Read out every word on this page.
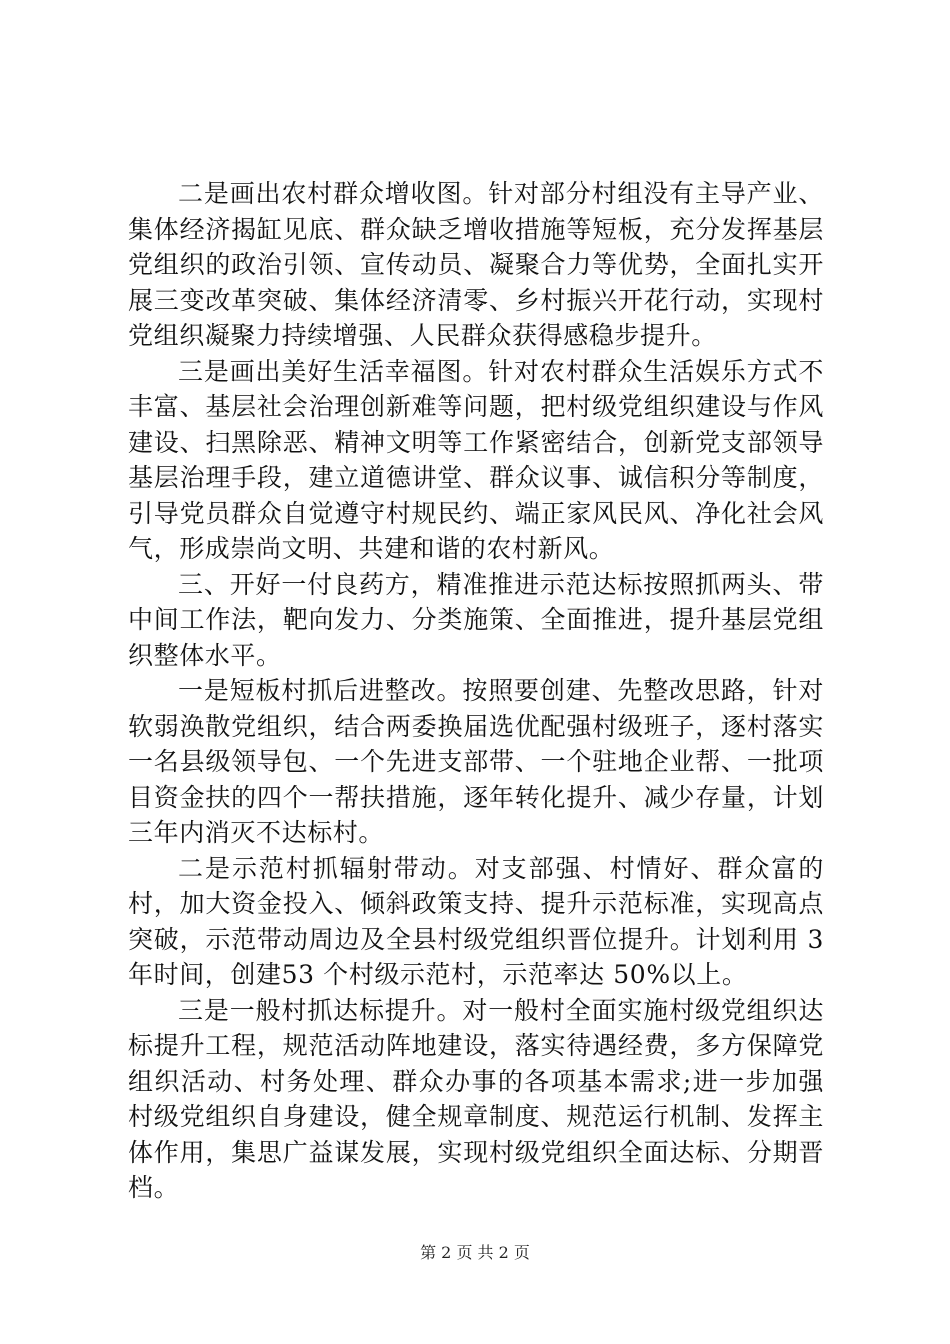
二是画出农村群众增收图。针对部分村组没有主导产业、集体经济揭缸见底、群众缺乏增收措施等短板，充分发挥基层党组织的政治引领、宣传动员、凝聚合力等优势，全面扎实开展三变改革突破、集体经济清零、乡村振兴开花行动，实现村党组织凝聚力持续增强、人民群众获得感稳步提升。

三是画出美好生活幸福图。针对农村群众生活娱乐方式不丰富、基层社会治理创新难等问题，把村级党组织建设与作风建设、扫黑除恶、精神文明等工作紧密结合，创新党支部领导基层治理手段，建立道德讲堂、群众议事、诚信积分等制度，引导党员群众自觉遵守村规民约、端正家风民风、净化社会风气，形成崇尚文明、共建和谐的农村新风。

三、开好一付良药方，精准推进示范达标按照抓两头、带中间工作法，靶向发力、分类施策、全面推进，提升基层党组织整体水平。

一是短板村抓后进整改。按照要创建、先整改思路，针对软弱涣散党组织，结合两委换届选优配强村级班子，逐村落实一名县级领导包、一个先进支部带、一个驻地企业帮、一批项目资金扶的四个一帮扶措施，逐年转化提升、减少存量，计划三年内消灭不达标村。

二是示范村抓辐射带动。对支部强、村情好、群众富的村，加大资金投入、倾斜政策支持、提升示范标准，实现高点突破，示范带动周边及全县村级党组织晋位提升。计划利用 3 年时间，创建53 个村级示范村，示范率达 50%以上。

三是一般村抓达标提升。对一般村全面实施村级党组织达标提升工程，规范活动阵地建设，落实待遇经费，多方保障党组织活动、村务处理、群众办事的各项基本需求;进一步加强村级党组织自身建设，健全规章制度、规范运行机制、发挥主体作用，集思广益谋发展，实现村级党组织全面达标、分期晋档。

第 2 页 共 2 页
